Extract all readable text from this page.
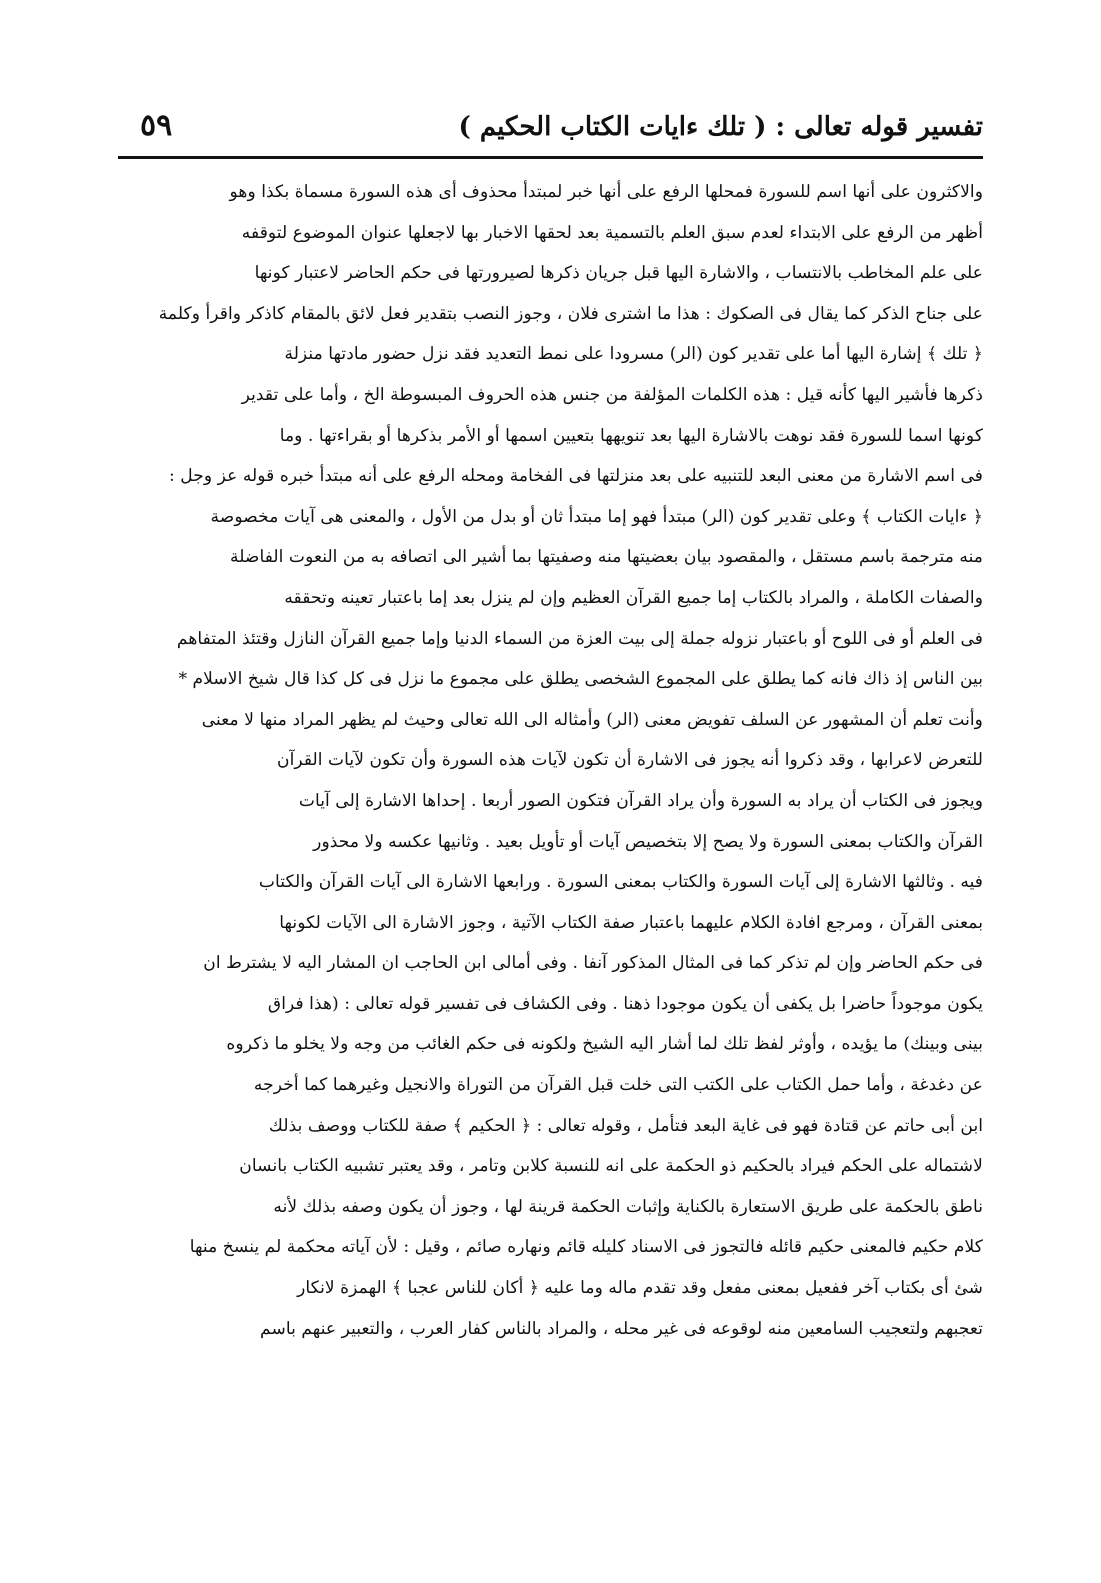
تفسير قوله تعالى : ( تلك ءايات الكتاب الحكيم )
٥٩
والاكثرون على أنها اسم للسورة فمحلها الرفع على أنها خبر لمبتدأ محذوف أى هذه السورة مسماة بكذا وهو
أظهر من الرفع على الابتداء لعدم سبق العلم بالتسمية بعد لحقها الاخبار بها لاجعلها عنوان الموضوع لتوقفه
على علم المخاطب بالانتساب ، والاشارة اليها قبل جريان ذكرها لصيرورتها فى حكم الحاضر لاعتبار كونها
على جناح الذكر كما يقال فى الصكوك : هذا ما اشترى فلان ، وجوز النصب بتقدير فعل لائق بالمقام كاذكر واقرأ وكلمة
﴿ تلك ﴾ إشارة اليها أما على تقدير كون (الر) مسرودا على نمط التعديد فقد نزل حضور مادتها منزلة
ذكرها فأشير اليها كأنه قيل : هذه الكلمات المؤلفة من جنس هذه الحروف المبسوطة الخ ، وأما على تقدير
كونها اسما للسورة فقد نوهت بالاشارة اليها بعد تنويهها بتعيين اسمها أو الأمر بذكرها أو بقراءتها . وما
فى اسم الاشارة من معنى البعد للتنبيه على بعد منزلتها فى الفخامة ومحله الرفع على أنه مبتدأ خبره قوله عز وجل :
﴿ ءايات الكتاب ﴾ وعلى تقدير كون (الر) مبتدأ فهو إما مبتدأ ثان أو بدل من الأول ، والمعنى هى آيات مخصوصة
منه مترجمة باسم مستقل ، والمقصود بيان بعضيتها منه وصفيتها بما أشير الى اتصافه به من النعوت الفاضلة
والصفات الكاملة ، والمراد بالكتاب إما جميع القرآن العظيم وإن لم ينزل بعد إما باعتبار تعينه وتحققه
فى العلم أو فى اللوح أو باعتبار نزوله جملة إلى بيت العزة من السماء الدنيا وإما جميع القرآن النازل وقتئذ المتفاهم
بين الناس إذ ذاك فانه كما يطلق على المجموع الشخصى يطلق على مجموع ما نزل فى كل كذا قال شيخ الاسلام *
وأنت تعلم أن المشهور عن السلف تفويض معنى (الر) وأمثاله الى الله تعالى وحيث لم يظهر المراد منها لا معنى
للتعرض لاعرابها ، وقد ذكروا أنه يجوز فى الاشارة أن تكون لآيات هذه السورة وأن تكون لآيات القرآن
ويجوز فى الكتاب أن يراد به السورة وأن يراد القرآن فتكون الصور أربعا . إحداها الاشارة إلى آيات
القرآن والكتاب بمعنى السورة ولا يصح إلا بتخصيص آيات أو تأويل بعيد . وثانيها عكسه ولا محذور
فيه . وثالثها الاشارة إلى آيات السورة والكتاب بمعنى السورة . ورابعها الاشارة الى آيات القرآن والكتاب
بمعنى القرآن ، ومرجع افادة الكلام عليهما باعتبار صفة الكتاب الآتية ، وجوز الاشارة الى الآيات لكونها
فى حكم الحاضر وإن لم تذكر كما فى المثال المذكور آنفا . وفى أمالى ابن الحاجب ان المشار اليه لا يشترط ان
يكون موجوداً حاضرا بل يكفى أن يكون موجودا ذهنا . وفى الكشاف فى تفسير قوله تعالى : (هذا فراق
بينى وبينك) ما يؤيده ، وأوثر لفظ تلك لما أشار اليه الشيخ ولكونه فى حكم الغائب من وجه ولا يخلو ما ذكروه
عن دغدغة ، وأما حمل الكتاب على الكتب التى خلت قبل القرآن من التوراة والانجيل وغيرهما كما أخرجه
ابن أبى حاتم عن قتادة فهو فى غاية البعد فتأمل ، وقوله تعالى : ﴿ الحكيم ﴾ صفة للكتاب ووصف بذلك
لاشتماله على الحكم فيراد بالحكيم ذو الحكمة على انه للنسبة كلابن وتامر ، وقد يعتبر تشبيه الكتاب بانسان
ناطق بالحكمة على طريق الاستعارة بالكناية وإثبات الحكمة قرينة لها ، وجوز أن يكون وصفه بذلك لأنه
كلام حكيم فالمعنى حكيم قائله فالتجوز فى الاسناد كليله قائم ونهاره صائم ، وقيل : لأن آياته محكمة لم ينسخ منها
شئ أى بكتاب آخر ففعيل بمعنى مفعل وقد تقدم ماله وما عليه ﴿ أكان للناس عجبا ﴾ الهمزة لانكار
تعجبهم ولتعجيب السامعين منه لوقوعه فى غير محله ، والمراد بالناس كفار العرب ، والتعبير عنهم باسم
